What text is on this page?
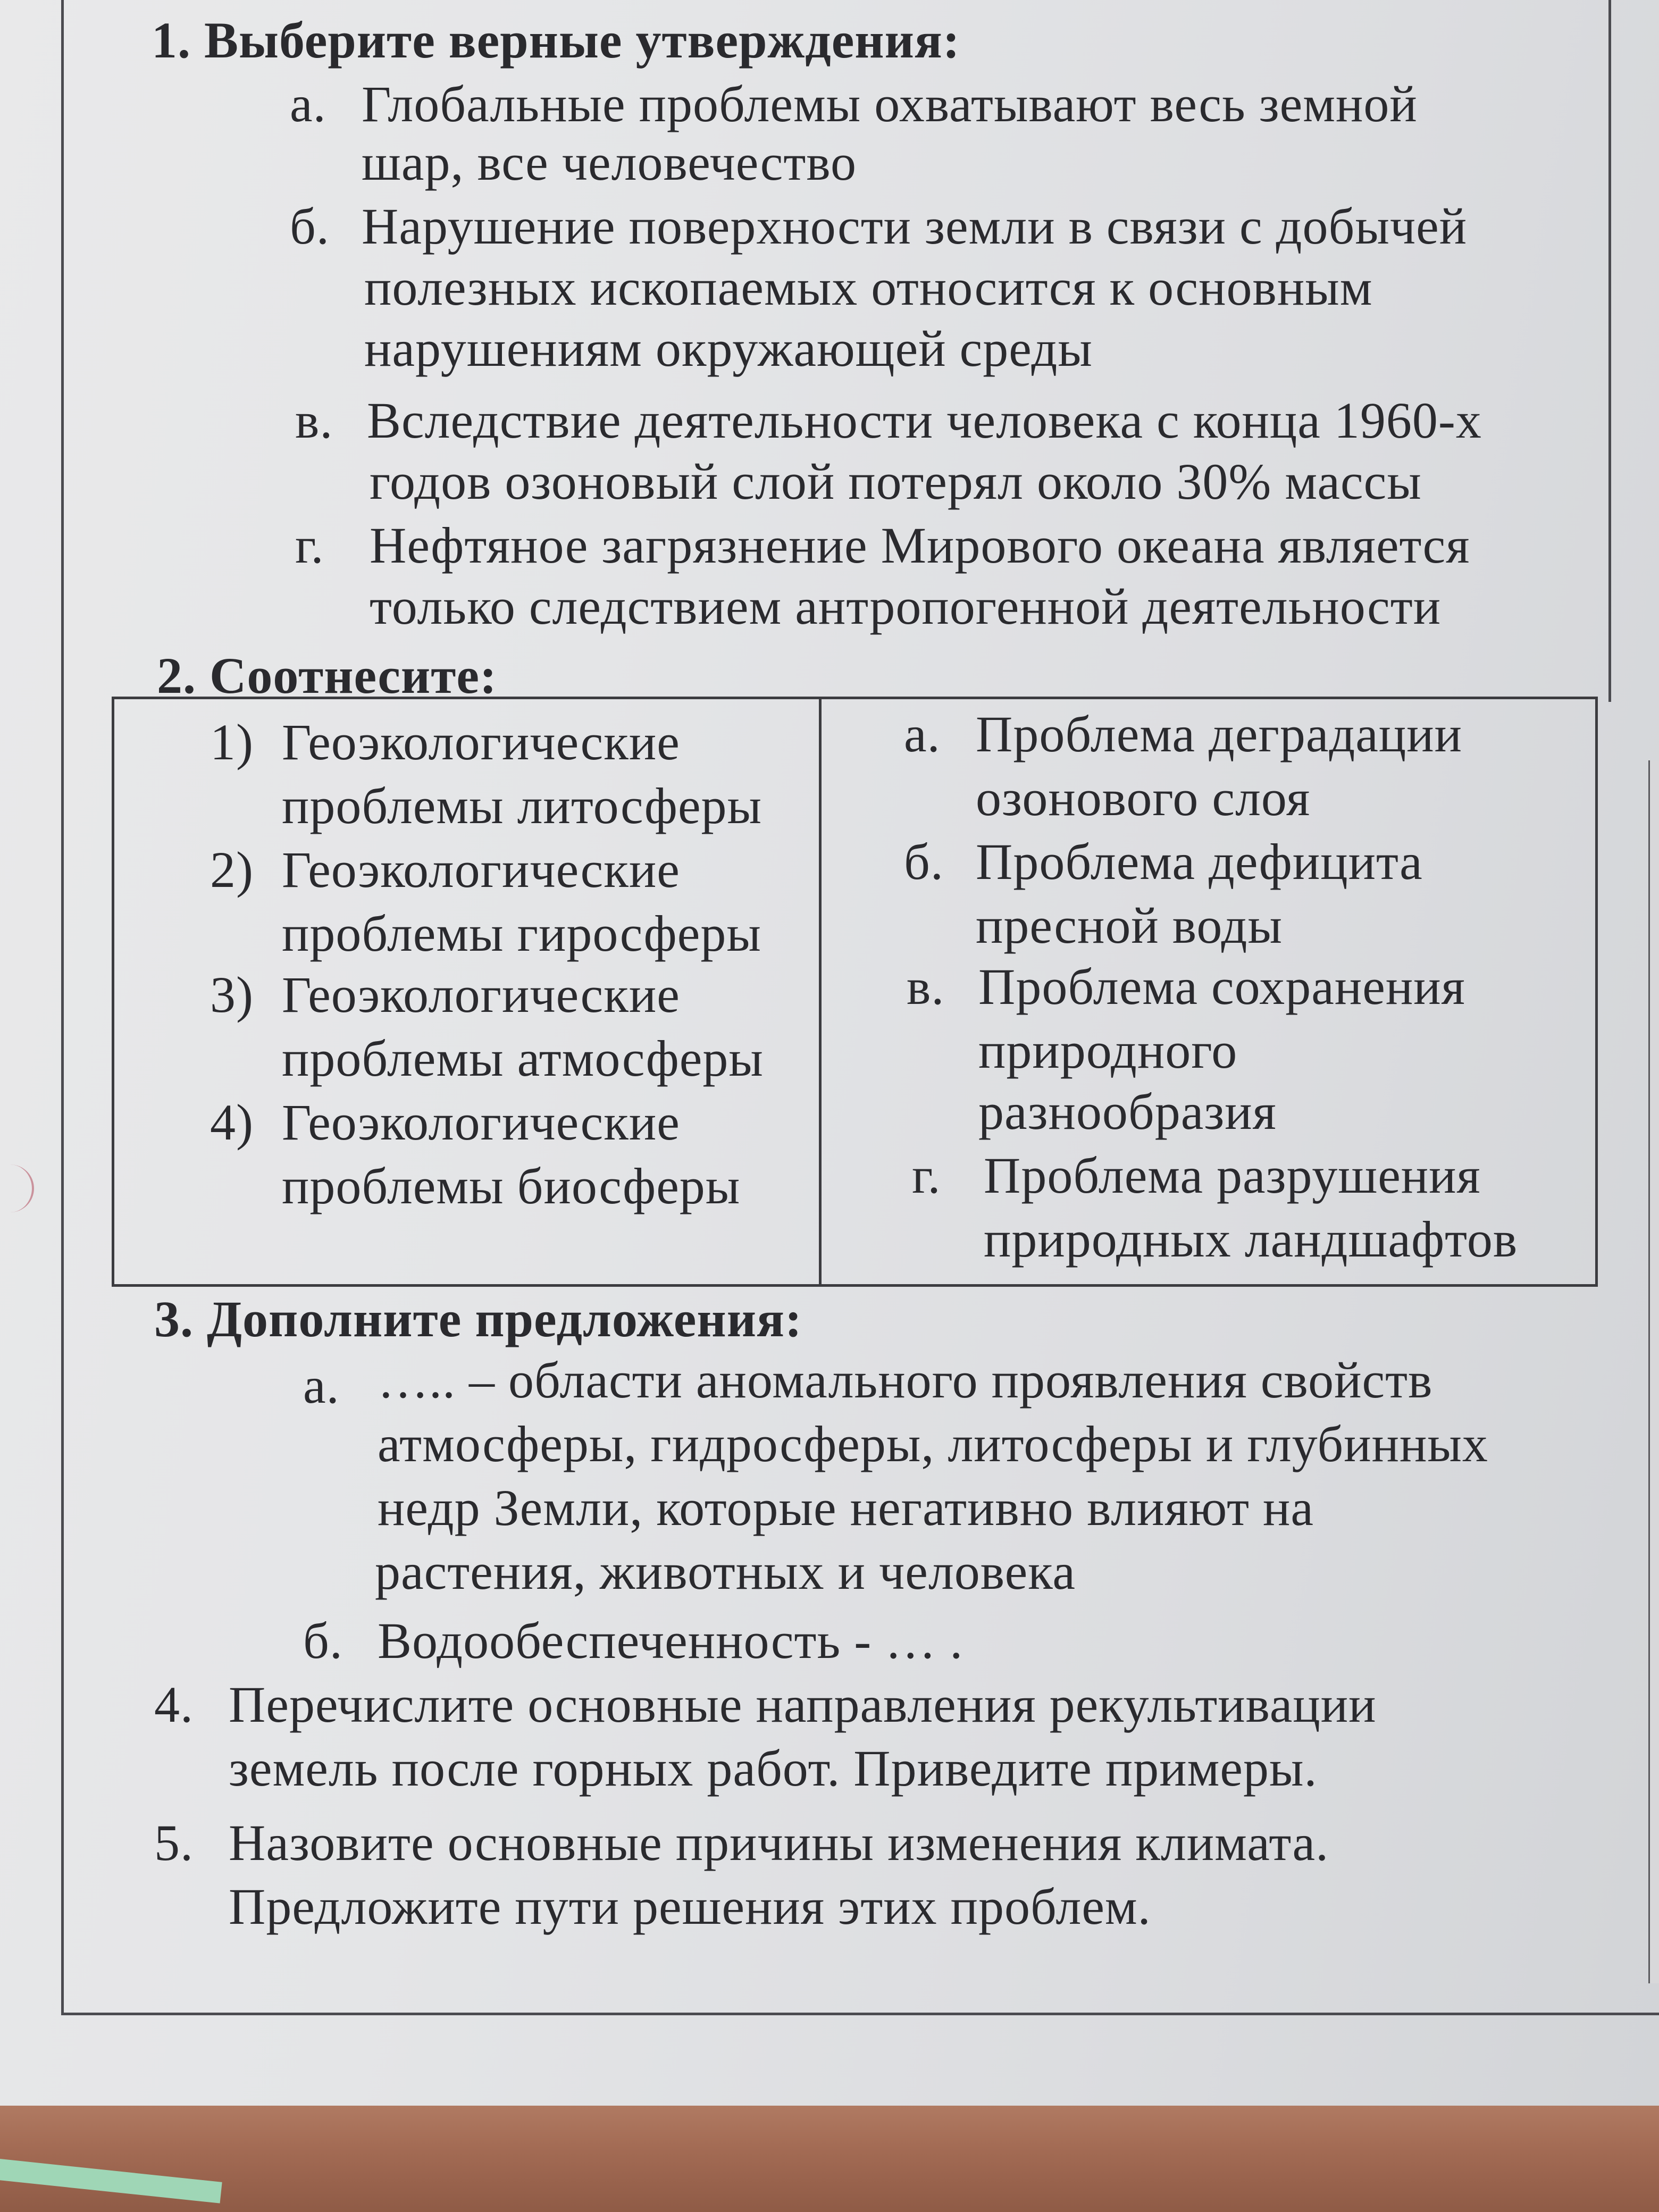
1. Выберите верные утверждения:
а. Глобальные проблемы охватывают весь земной
шар, все человечество
б. Нарушение поверхности земли в связи с добычей
полезных ископаемых относится к основным
нарушениям окружающей среды
в. Вследствие деятельности человека с конца 1960-х
годов озоновый слой потерял около 30% массы
г. Нефтяное загрязнение Мирового океана является
только следствием антропогенной деятельности
2. Соотнесите:
1) Геоэкологические
проблемы литосферы
2) Геоэкологические
проблемы гиросферы
3) Геоэкологические
проблемы атмосферы
4) Геоэкологические
проблемы биосферы
а. Проблема деградации
озонового слоя
б. Проблема дефицита
пресной воды
в. Проблема сохранения
природного
разнообразия
г. Проблема разрушения
природных ландшафтов
3. Дополните предложения:
а. ….. – области аномального проявления свойств
атмосферы, гидросферы, литосферы и глубинных
недр Земли, которые негативно влияют на
растения, животных и человека
б. Водообеспеченность - … .
4. Перечислите основные направления рекультивации
земель после горных работ. Приведите примеры.
5. Назовите основные причины изменения климата.
Предложите пути решения этих проблем.
